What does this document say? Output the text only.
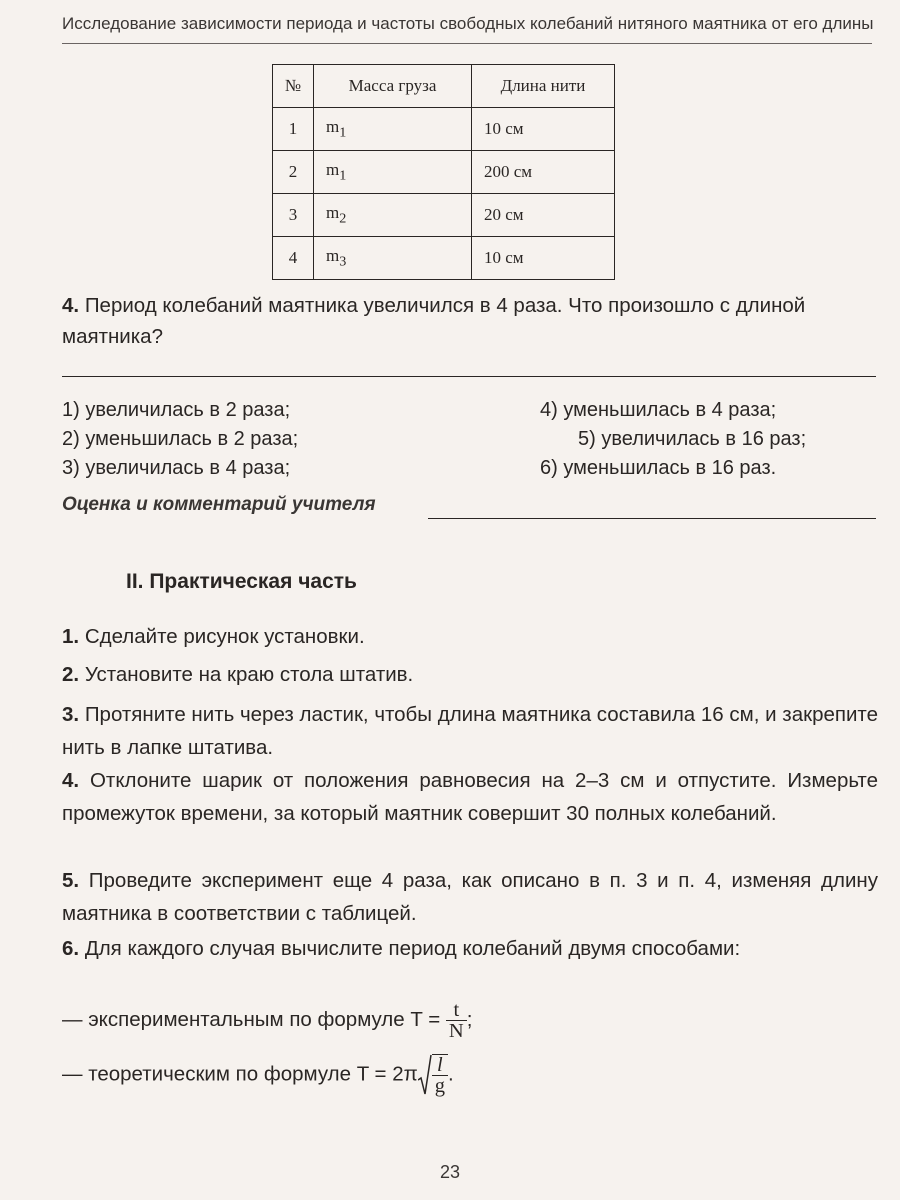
Исследование зависимости периода и частоты свободных колебаний нитяного маятника от его длины
№	Масса груза	Длина нити
1	$m_1$	10 см
2	$m_1$	200 см
3	$m_2$	20 см
4	$m_3$	10 см
4. Период колебаний маятника увеличился в 4 раза. Что произошло с длиной маятника?
1) увеличилась в 2 раза;
2) уменьшилась в 2 раза;
3) увеличилась в 4 раза;
4) уменьшилась в 4 раза;
5) увеличилась в 16 раз;
6) уменьшилась в 16 раз.
Оценка и комментарий учителя
II. Практическая часть
1. Сделайте рисунок установки.
2. Установите на краю стола штатив.
3. Протяните нить через ластик, чтобы длина маятника составила 16 см, и закрепите нить в лапке штатива.
4. Отклоните шарик от положения равновесия на 2–3 см и отпустите. Измерьте промежуток времени, за который маятник совершит 30 полных колебаний.
5. Проведите эксперимент еще 4 раза, как описано в п. 3 и п. 4, изменяя длину маятника в соответствии с таблицей.
6. Для каждого случая вычислите период колебаний двумя способами:
— экспериментальным по формуле $T = \frac{t}{N}$ ;
— теоретическим по формуле $T = 2\pi \frac{l}{g}$ .
23
